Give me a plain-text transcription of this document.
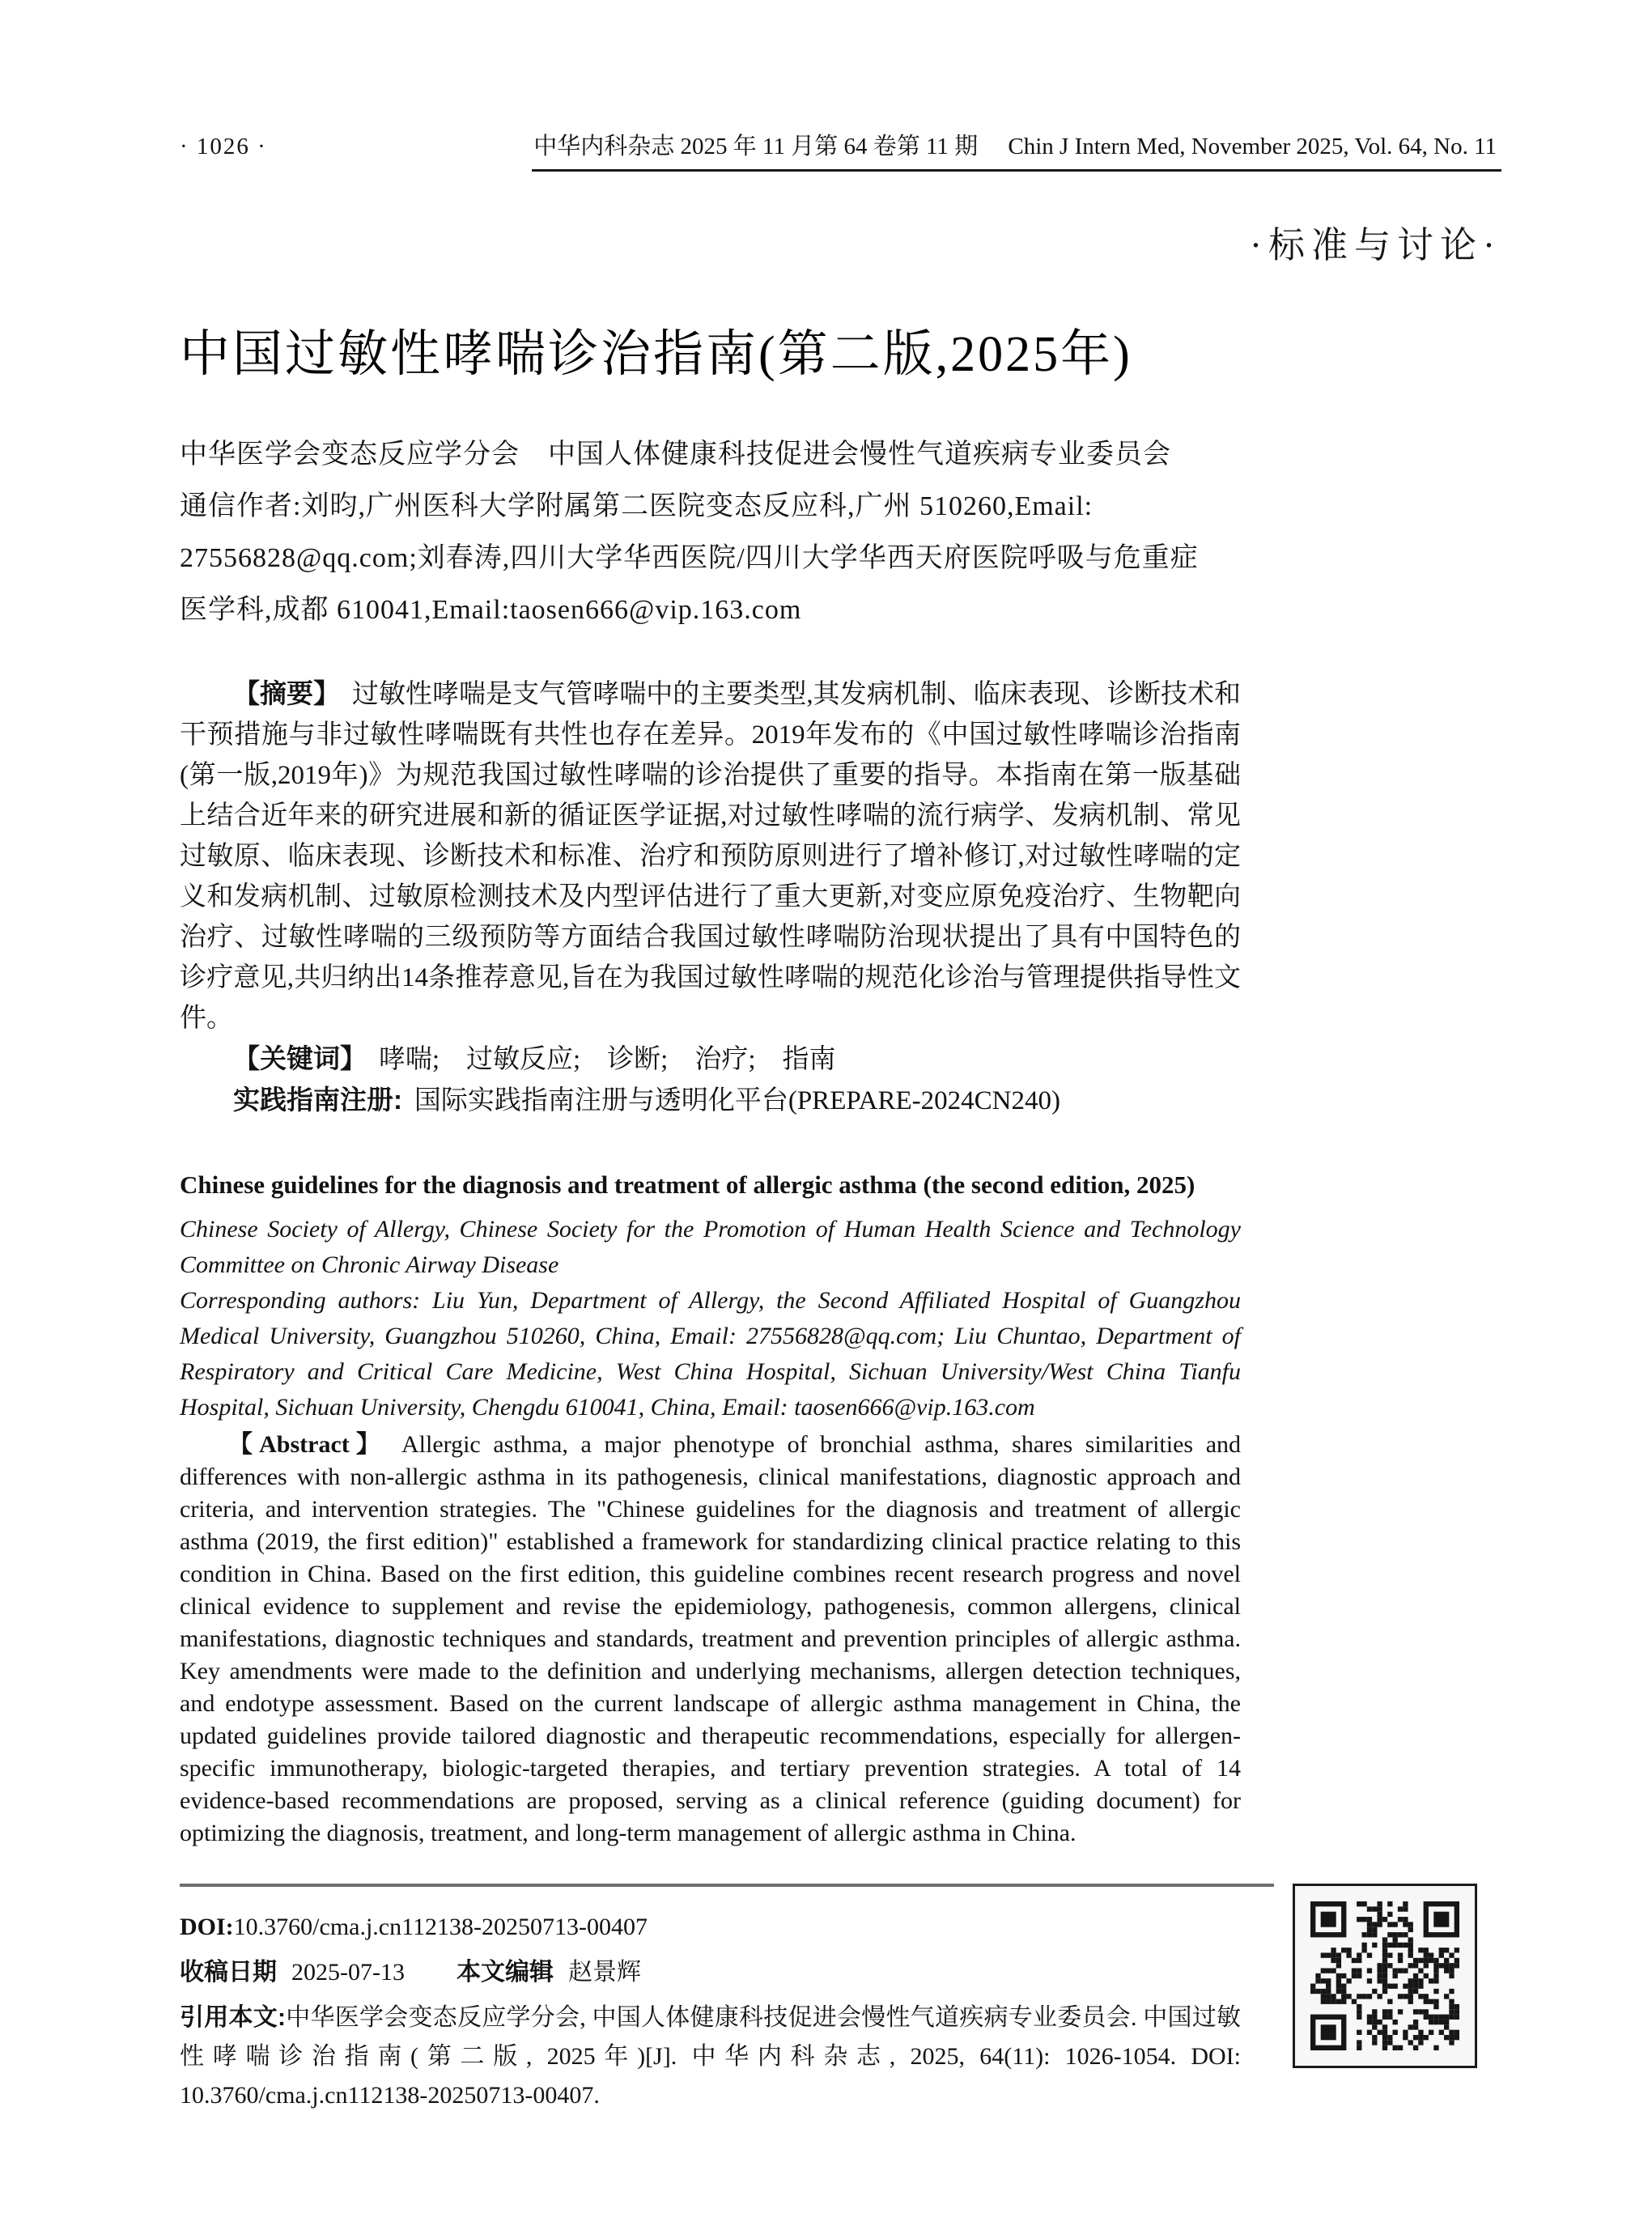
· 1026 ·	中华内科杂志 2025 年 11 月第 64 卷第 11 期 Chin J Intern Med, November 2025, Vol. 64, No. 11
·标准与讨论·
中国过敏性哮喘诊治指南(第二版,2025年)
中华医学会变态反应学分会　中国人体健康科技促进会慢性气道疾病专业委员会
通信作者:刘昀,广州医科大学附属第二医院变态反应科,广州 510260,Email:
27556828@qq.com;刘春涛,四川大学华西医院/四川大学华西天府医院呼吸与危重症
医学科,成都 610041,Email:taosen666@vip.163.com

【摘要】 过敏性哮喘是支气管哮喘中的主要类型,其发病机制、临床表现、诊断技术和干预措施与非过敏性哮喘既有共性也存在差异。2019年发布的《中国过敏性哮喘诊治指南(第一版,2019年)》为规范我国过敏性哮喘的诊治提供了重要的指导。本指南在第一版基础上结合近年来的研究进展和新的循证医学证据,对过敏性哮喘的流行病学、发病机制、常见过敏原、临床表现、诊断技术和标准、治疗和预防原则进行了增补修订,对过敏性哮喘的定义和发病机制、过敏原检测技术及内型评估进行了重大更新,对变应原免疫治疗、生物靶向治疗、过敏性哮喘的三级预防等方面结合我国过敏性哮喘防治现状提出了具有中国特色的诊疗意见,共归纳出14条推荐意见,旨在为我国过敏性哮喘的规范化诊治与管理提供指导性文件。

【关键词】 哮喘;　过敏反应;　诊断;　治疗;　指南

实践指南注册: 国际实践指南注册与透明化平台(PREPARE-2024CN240)

Chinese guidelines for the diagnosis and treatment of allergic asthma (the second edition, 2025)

Chinese Society of Allergy, Chinese Society for the Promotion of Human Health Science and Technology Committee on Chronic Airway Disease

Corresponding authors: Liu Yun, Department of Allergy, the Second Affiliated Hospital of Guangzhou Medical University, Guangzhou 510260, China, Email: 27556828@qq.com; Liu Chuntao, Department of Respiratory and Critical Care Medicine, West China Hospital, Sichuan University/West China Tianfu Hospital, Sichuan University, Chengdu 610041, China, Email: taosen666@vip.163.com

【Abstract】 Allergic asthma, a major phenotype of bronchial asthma, shares similarities and differences with non-allergic asthma in its pathogenesis, clinical manifestations, diagnostic approach and criteria, and intervention strategies. The "Chinese guidelines for the diagnosis and treatment of allergic asthma (2019, the first edition)" established a framework for standardizing clinical practice relating to this condition in China. Based on the first edition, this guideline combines recent research progress and novel clinical evidence to supplement and revise the epidemiology, pathogenesis, common allergens, clinical manifestations, diagnostic techniques and standards, treatment and prevention principles of allergic asthma. Key amendments were made to the definition and underlying mechanisms, allergen detection techniques, and endotype assessment. Based on the current landscape of allergic asthma management in China, the updated guidelines provide tailored diagnostic and therapeutic recommendations, especially for allergen-specific immunotherapy, biologic-targeted therapies, and tertiary prevention strategies. A total of 14 evidence-based recommendations are proposed, serving as a clinical reference (guiding document) for optimizing the diagnosis, treatment, and long-term management of allergic asthma in China.

DOI:10.3760/cma.j.cn112138-20250713-00407

收稿日期 2025-07-13 本文编辑 赵景辉

引用本文:中华医学会变态反应学分会, 中国人体健康科技促进会慢性气道疾病专业委员会. 中国过敏性哮喘诊治指南(第二版, 2025年)[J]. 中华内科杂志, 2025, 64(11): 1026-1054. DOI: 10.3760/cma.j.cn112138-20250713-00407.
